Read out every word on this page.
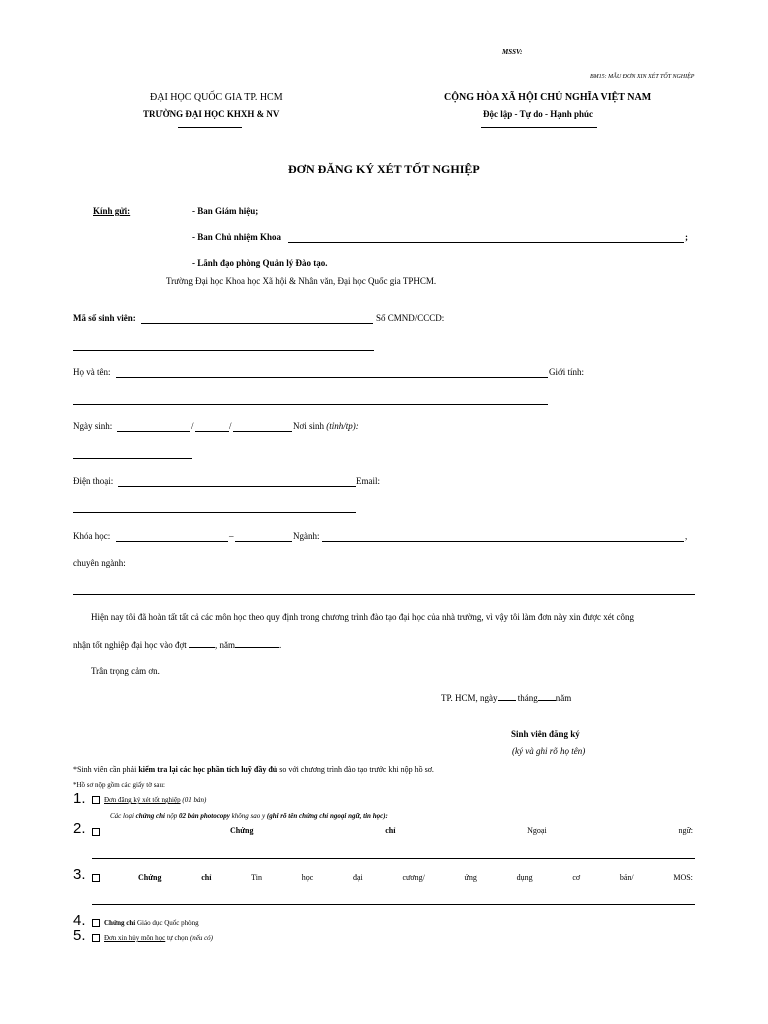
MSSV:
BM15: MẪU ĐƠN XIN XÉT TỐT NGHIỆP
ĐẠI HỌC QUỐC GIA TP. HCM
TRƯỜNG ĐẠI HỌC KHXH & NV
CỘNG HÒA XÃ HỘI CHỦ NGHĨA VIỆT NAM
Độc lập - Tự do - Hạnh phúc
ĐƠN ĐĂNG KÝ XÉT TỐT NGHIỆP
Kính gửi:	- Ban Giám hiệu;
- Ban Chủ nhiệm Khoa	;
- Lãnh đạo phòng Quản lý Đào tạo.
Trường Đại học Khoa học Xã hội & Nhân văn, Đại học Quốc gia TPHCM.
Mã số sinh viên:	Số CMND/CCCD:
Họ và tên:	Giới tính:
Ngày sinh:	/	/	Nơi sinh (tỉnh/tp):
Điện thoại:	Email:
Khóa học:	–	Ngành:	,
chuyên ngành:
Hiện nay tôi đã hoàn tất tất cả các môn học theo quy định trong chương trình đào tạo đại học của nhà trường, vì vậy tôi làm đơn này xin được xét công
nhận tốt nghiệp đại học vào đợt	, năm	.
Trân trọng cảm ơn.
TP. HCM, ngày tháng năm
Sinh viên đăng ký
(ký và ghi rõ họ tên)
*Sinh viên cần phải kiểm tra lại các học phần tích luỹ đầy đủ so với chương trình đào tạo trước khi nộp hồ sơ.
*Hồ sơ nộp gồm các giấy tờ sau:
1.	Đơn đăng ký xét tốt nghiệp (01 bản)
Các loại chứng chỉ nộp 02 bản photocopy không sao y (ghi rõ tên chứng chỉ ngoại ngữ, tin học):
2.	Chứng	chỉ	Ngoại	ngữ:
3.	Chứng	chỉ	Tin	học	đại	cương/	ứng	dụng	cơ	bản/	MOS:
4.	Chứng chỉ Giáo dục Quốc phòng
5.	Đơn xin hủy môn học tự chọn (nếu có)
